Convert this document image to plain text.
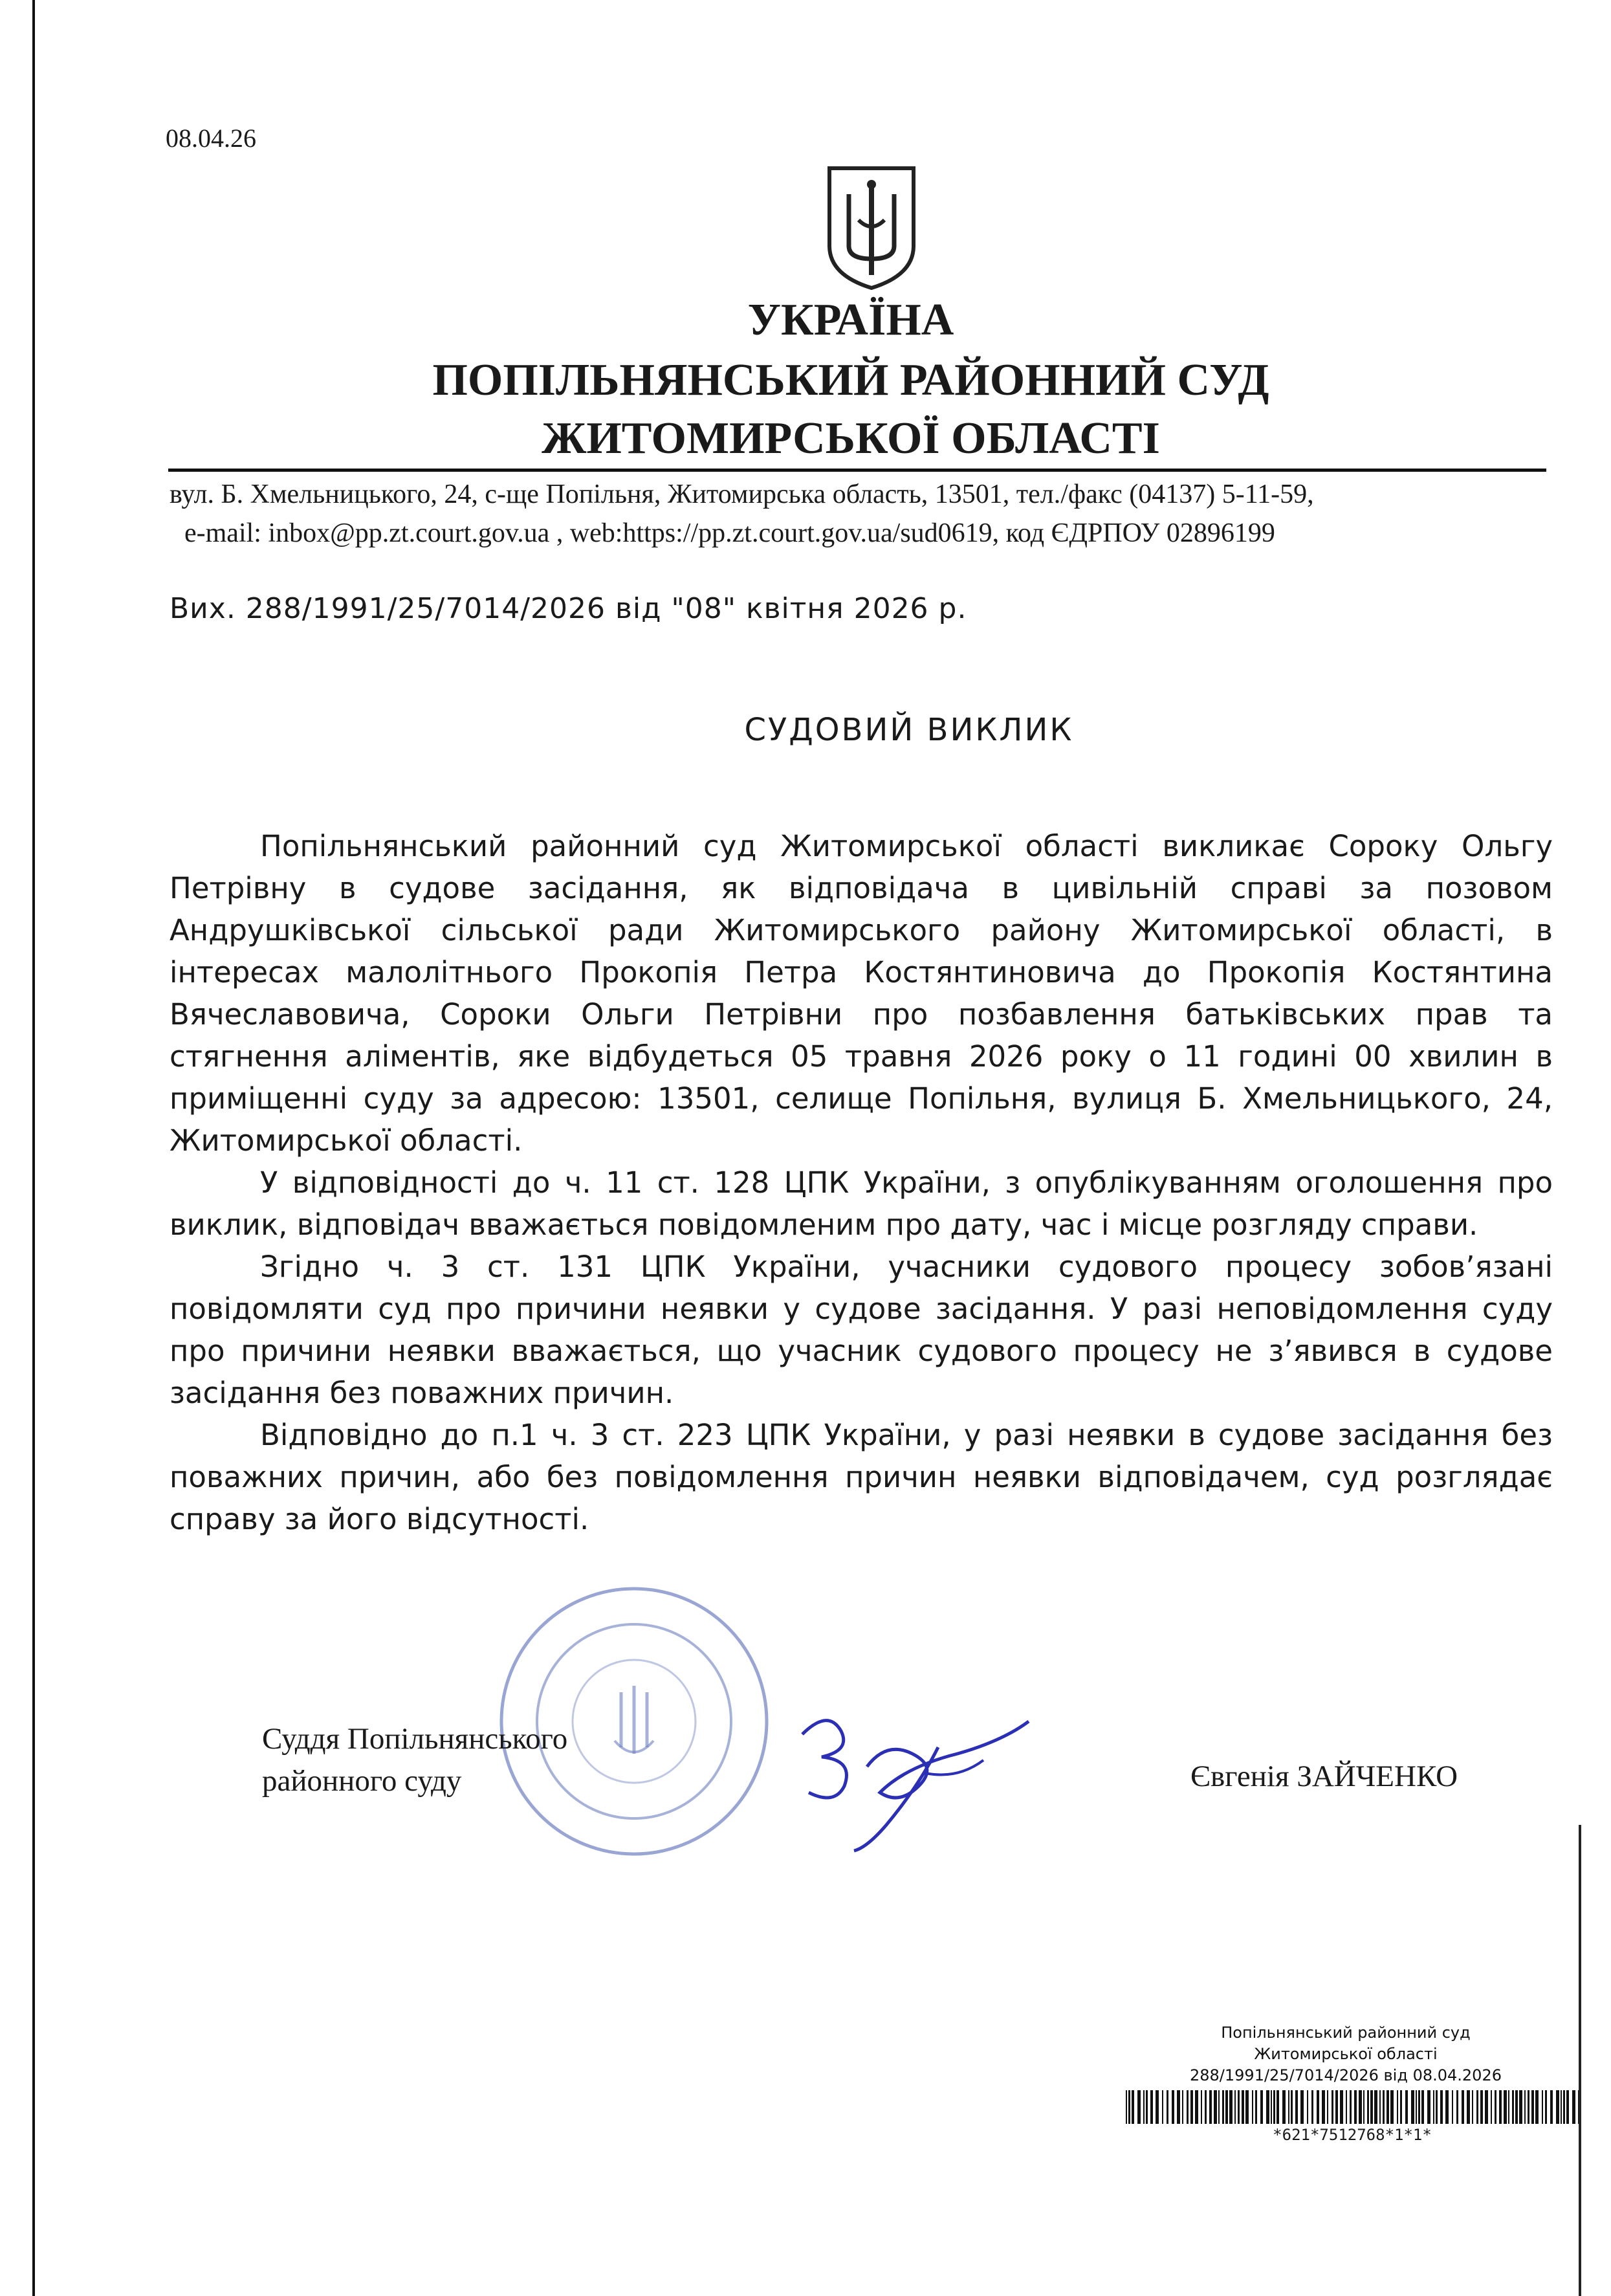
08.04.26
УКРАЇНА
ПОПІЛЬНЯНСЬКИЙ РАЙОННИЙ СУД
ЖИТОМИРСЬКОЇ ОБЛАСТІ
вул. Б. Хмельницького, 24, с-ще Попільня, Житомирська область, 13501, тел./факс (04137) 5-11-59,
e-mail: inbox@pp.zt.court.gov.ua , web:https://pp.zt.court.gov.ua/sud0619, код ЄДРПОУ 02896199
Вих. 288/1991/25/7014/2026 від "08" квітня 2026 р.
СУДОВИЙ ВИКЛИК

Попільнянський районний суд Житомирської області викликає Сороку Ольгу Петрівну в судове засідання, як відповідача в цивільній справі за позовом Андрушківської сільської ради Житомирського району Житомирської області, в інтересах малолітнього Прокопія Петра Костянтиновича до Прокопія Костянтина Вячеславовича, Сороки Ольги Петрівни про позбавлення батьківських прав та стягнення аліментів, яке відбудеться 05 травня 2026 року о 11 годині 00 хвилин в приміщенні суду за адресою: 13501, селище Попільня, вулиця Б. Хмельницького, 24, Житомирської області.

У відповідності до ч. 11 ст. 128 ЦПК України, з опублікуванням оголошення про виклик, відповідач вважається повідомленим про дату, час і місце розгляду справи.

Згідно ч. 3 ст. 131 ЦПК України, учасники судового процесу зобов’язані повідомляти суд про причини неявки у судове засідання. У разі неповідомлення суду про причини неявки вважається, що учасник судового процесу не з’явився в судове засідання без поважних причин.

Відповідно до п.1 ч. 3 ст. 223 ЦПК України, у разі неявки в судове засідання без поважних причин, або без повідомлення причин неявки відповідачем, суд розглядає справу за його відсутності.

Суддя Попільнянського
районного суду	Євгенія ЗАЙЧЕНКО
Попільнянський районний суд
Житомирської області
288/1991/25/7014/2026 від 08.04.2026
*621*7512768*1*1*
